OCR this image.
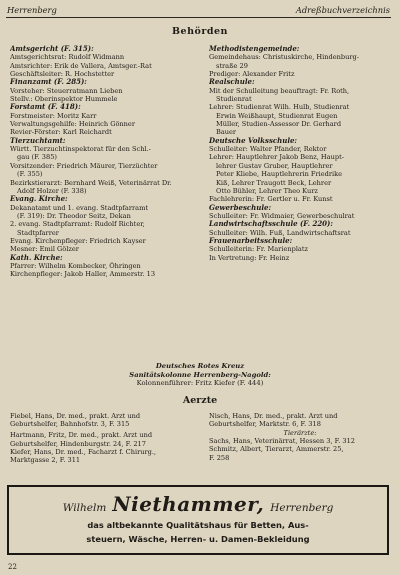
Herrenberg	Adreßbuchverzeichnis
Behörden
Amtsgericht (F. 315):
Amtsgerichtsrat: Rudolf Widmann
Amtsrichter: Erik de Vallera, Amtsger.-Rat
Geschäftsleiter: R. Hochstetter
Finanzamt (F. 285):
Vorsteher: Steuerratmann Lieben
Stellv.: Oberinspektor Hummele
Forstamt (F. 418):
Forstmeister: Moritz Karr
Verwaltungsgehilfe: Heinrich Gönner
Revier-Förster: Karl Reichardt
Tierzuchtamt:
Württ. Tierzuchtinspektorat für den Schl.-
gau (F. 385)
Vorsitzender: Friedrich Mäurer, Tierzüchter
(F. 355)
Bezirkstierarzt: Bernhard Weiß, Veterinärrat Dr.
Adolf Holzer (F. 338)
Evang. Kirche:
Dekanatamt und 1. evang. Stadtpfarramt
(F. 319): Dr. Theodor Seitz, Dekan
2. evang. Stadtpfarramt: Rudolf Richter,
Stadtpfarrer
Evang. Kirchenpfleger: Friedrich Kayser
Mesner: Emil Gölzer
Kath. Kirche:
Pfarrer: Wilhelm Kombecker, Öhringen
Kirchenpfleger: Jakob Haller, Ammerstr. 13
Methodistengemeinde:
Gemeindehaus: Christuskirche, Hindenburg-
straße 29
Prediger: Alexander Fritz
Realschule:
Mit der Schulleitung beauftragt: Fr. Roth,
Studienrat
Lehrer: Studienrat Wilh. Hulb, Studienrat
Erwin Weißhaupt, Studienrat Eugen
Müller, Studien-Assessor Dr. Gerhard
Bauer
Deutsche Volksschule:
Schulleiter: Walter Pfander, Rektor
Lehrer: Hauptlehrer Jakob Benz, Haupt-
lehrer Gustav Gruber, Hauptlehrer
Peter Kliebe, Hauptlehrerin Friedrike
Kiß, Lehrer Traugott Beck, Lehrer
Otto Bühler, Lehrer Theo Kurz
Fachlehrerin: Fr. Gertler u. Fr. Kunst
Gewerbeschule:
Schulleiter: Fr. Widmaier, Gewerbeschulrat
Landwirtschaftsschule (F. 220):
Schulleiter: Wilh. Fuß, Landwirtschaftsrat
Frauenarbeitsschule:
Schulleiterin: Fr. Marienplatz
In Vertretung: Fr. Heinz
Deutsches Rotes Kreuz
Sanitätskolonne Herrenberg-Nagold:
Kolonnenführer: Fritz Kiefer (F. 444)
Aerzte
Fiebel, Hans, Dr. med., prakt. Arzt und
Geburtshelfer, Bahnhofstr. 3, F. 315
Hartmann, Fritz, Dr. med., prakt. Arzt und
Geburtshelfer, Hindenburgstr. 24, F. 217
Kiefer, Hans, Dr. med., Facharzt f. Chirurg.,
Marktgasse 2, F. 311
Nisch, Hans, Dr. med., prakt. Arzt und
Geburtshelfer, Marktstr. 6, F. 318
Tierärzte:
Sachs, Hans, Veterinärrat, Hessen 3, F. 312
Schmitz, Albert, Tierarzt, Ammerstr. 25,
F. 258
Wilhelm Niethammer, Herrenberg
das altbekannte Qualitätshaus für Betten, Aus-
steuern, Wäsche, Herren- u. Damen-Bekleidung
22
